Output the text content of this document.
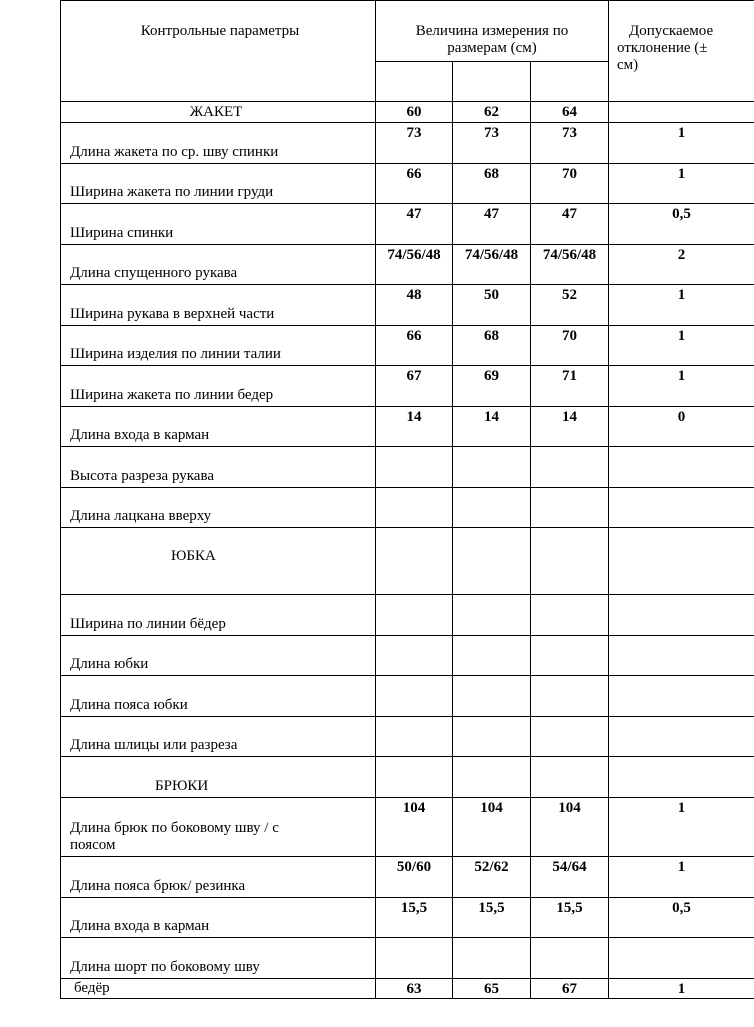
Контрольные параметры	Величина измерения по
размерам (см)			Допускаемое
отклонение (±
см)

ЖАКЕТ	60	62	64	
Длина жакета по ср. шву спинки	73	73	73	1
Ширина жакета по линии груди	66	68	70	1
Ширина спинки	47	47	47	0,5
Длина спущенного рукава	74/56/48	74/56/48	74/56/48	2
Ширина рукава в верхней части	48	50	52	1
Ширина изделия по линии талии	66	68	70	1
Ширина жакета по линии бедер	67	69	71	1
Длина входа в карман	14	14	14	0
Высота разреза рукава				
Длина лацкана вверху				
ЮБКА				
Ширина по линии бёдер				
Длина юбки				
Длина пояса юбки				
Длина шлицы или разреза				
БРЮКИ				
Длина брюк по боковому шву / с
поясом	104	104	104	1
Длина пояса брюк/ резинка	50/60	52/62	54/64	1
Длина входа в карман	15,5	15,5	15,5	0,5
Длина шорт по боковому шву				
бедёр	63	65	67	1
